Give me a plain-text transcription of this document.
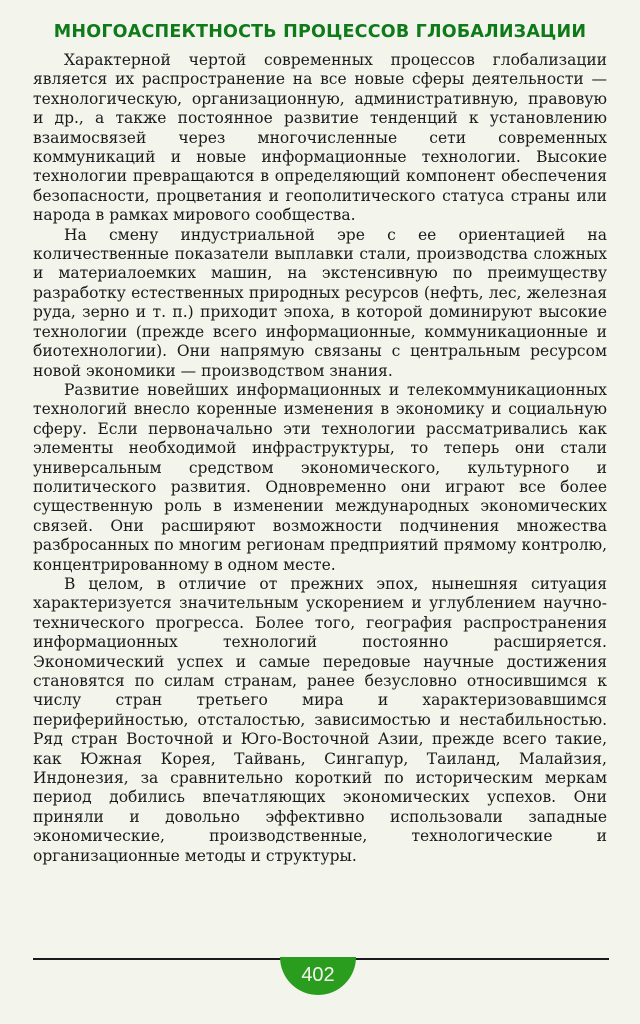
МНОГОАСПЕКТНОСТЬ ПРОЦЕССОВ ГЛОБАЛИЗАЦИИ

Характерной чертой современных процессов глобализации является их распространение на все новые сферы деятельности — технологическую, организационную, административную, правовую и др., а также постоянное развитие тенденций к установлению взаимосвязей через многочисленные сети современных коммуникаций и новые информационные технологии. Высокие технологии превращаются в определяющий компонент обеспечения безопасности, процветания и геополитического статуса страны или народа в рамках мирового сообщества.

На смену индустриальной эре с ее ориентацией на количественные показатели выплавки стали, производства сложных и материалоемких машин, на экстенсивную по преимуществу разработку естественных природных ресурсов (нефть, лес, железная руда, зерно и т. п.) приходит эпоха, в которой доминируют высокие технологии (прежде всего информационные, коммуникационные и биотехнологии). Они напрямую связаны с центральным ресурсом новой экономики — производством знания.

Развитие новейших информационных и телекоммуникационных технологий внесло коренные изменения в экономику и социальную сферу. Если первоначально эти технологии рассматривались как элементы необходимой инфраструктуры, то теперь они стали универсальным средством экономического, культурного и политического развития. Одновременно они играют все более существенную роль в изменении международных экономических связей. Они расширяют возможности подчинения множества разбросанных по многим регионам предприятий прямому контролю, концентрированному в одном месте.

В целом, в отличие от прежних эпох, нынешняя ситуация характеризуется значительным ускорением и углублением научно-технического прогресса. Более того, география распространения информационных технологий постоянно расширяется. Экономический успех и самые передовые научные достижения становятся по силам странам, ранее безусловно относившимся к числу стран третьего мира и характеризовавшимся периферийностью, отсталостью, зависимостью и нестабильностью. Ряд стран Восточной и Юго-Восточной Азии, прежде всего такие, как Южная Корея, Тайвань, Сингапур, Таиланд, Малайзия, Индонезия, за сравнительно короткий по историческим меркам период добились впечатляющих экономических успехов. Они приняли и довольно эффективно использовали западные экономические, производственные, технологические и организационные методы и структуры.

402
